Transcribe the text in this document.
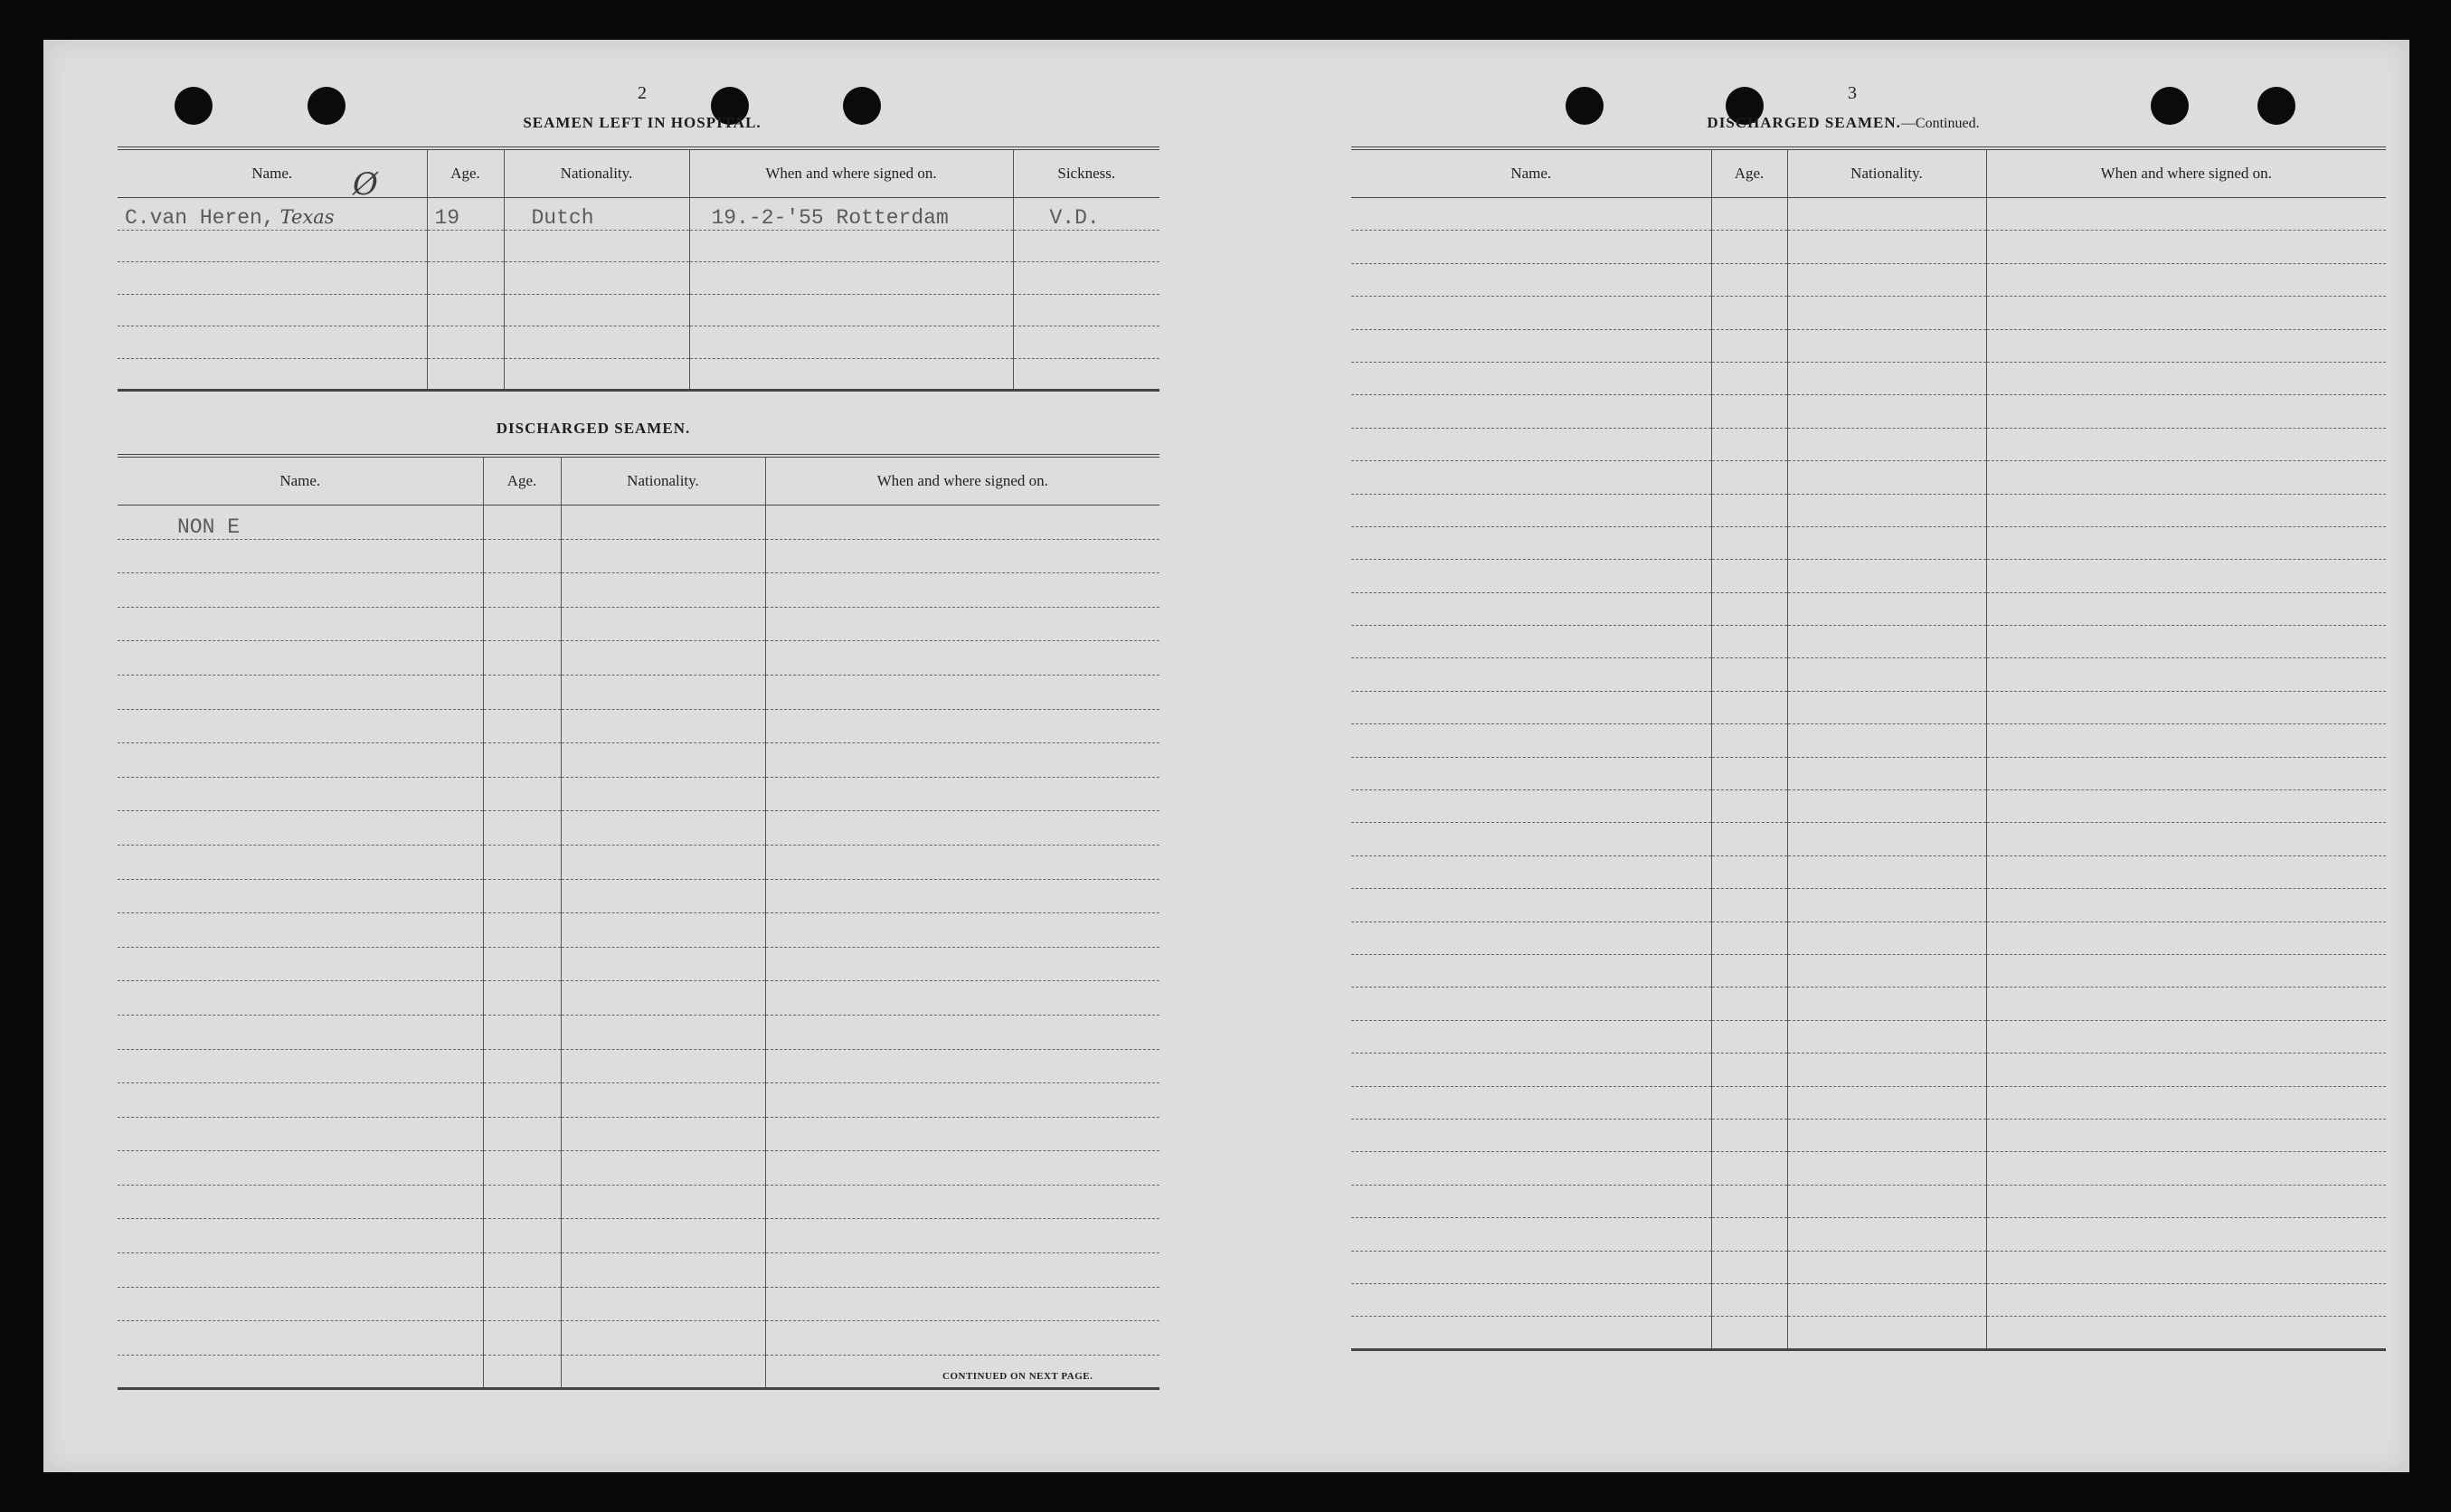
2
SEAMEN LEFT IN HOSPITAL.
Ø
Name.	Age.	Nationality.	When and where signed on.	Sickness.
C.van Heren, Texas	19	Dutch	19.-2-'55 Rotterdam	V.D.

DISCHARGED SEAMEN.
Name.	Age.	Nationality.	When and where signed on.
NON E			

CONTINUED ON NEXT PAGE.
3
DISCHARGED SEAMEN.—Continued.
Name.	Age.	Nationality.	When and where signed on.
